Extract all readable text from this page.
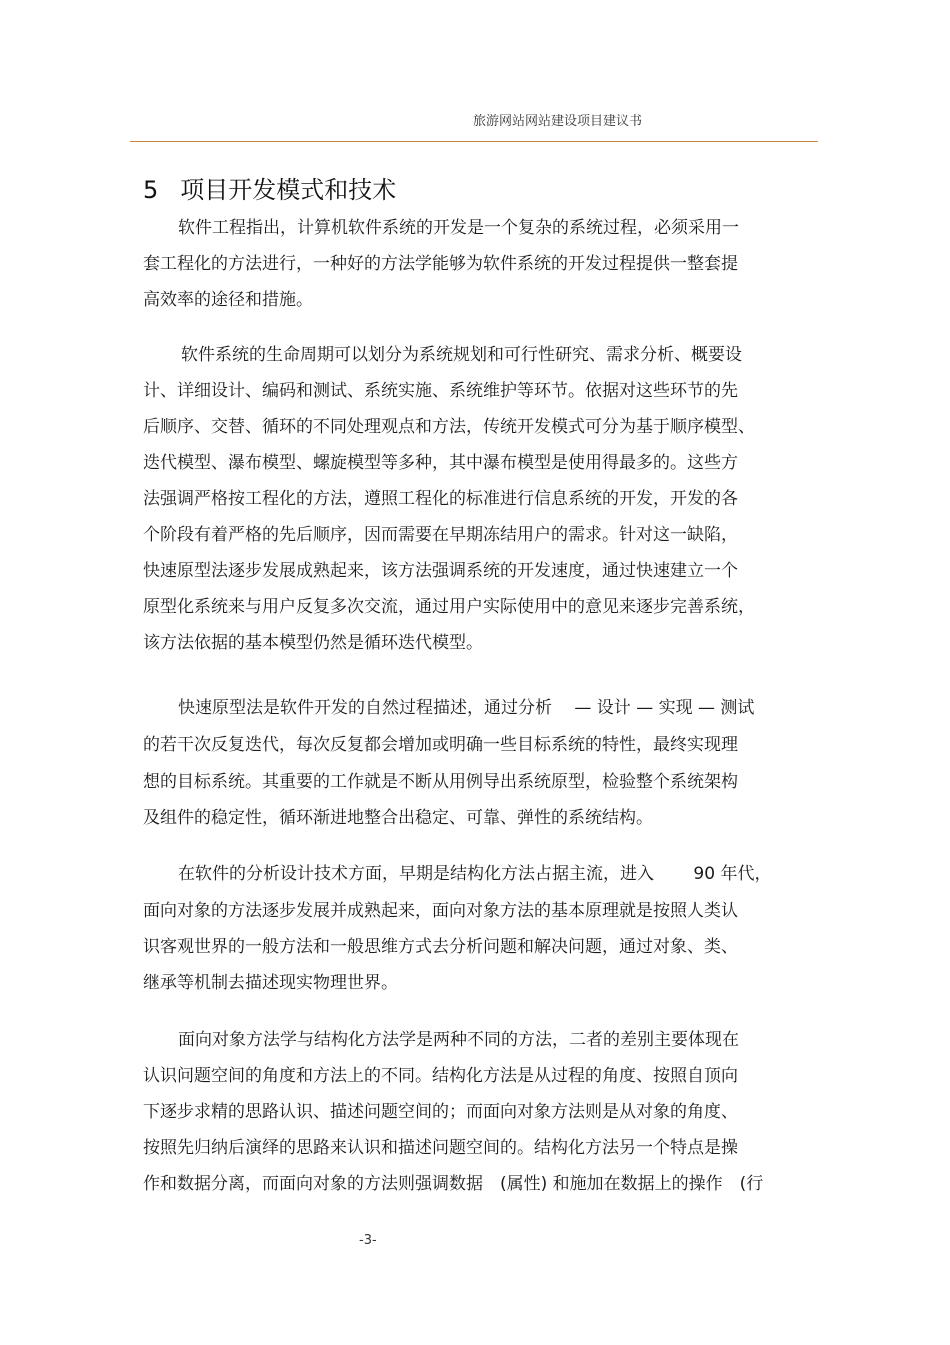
旅游网站网站建设项目建议书
5 项目开发模式和技术
软件工程指出，计算机软件系统的开发是一个复杂的系统过程，必须采用一
套工程化的方法进行，一种好的方法学能够为软件系统的开发过程提供一整套提
高效率的途径和措施。
软件系统的生命周期可以划分为系统规划和可行性研究、需求分析、概要设
计、详细设计、编码和测试、系统实施、系统维护等环节。依据对这些环节的先
后顺序、交替、循环的不同处理观点和方法，传统开发模式可分为基于顺序模型、
迭代模型、瀑布模型、螺旋模型等多种，其中瀑布模型是使用得最多的。这些方
法强调严格按工程化的方法，遵照工程化的标准进行信息系统的开发，开发的各
个阶段有着严格的先后顺序，因而需要在早期冻结用户的需求。针对这一缺陷，
快速原型法逐步发展成熟起来，该方法强调系统的开发速度，通过快速建立一个
原型化系统来与用户反复多次交流，通过用户实际使用中的意见来逐步完善系统，
该方法依据的基本模型仍然是循环迭代模型。
快速原型法是软件开发的自然过程描述，通过分析　 — 设计 — 实现 — 测试
的若干次反复迭代，每次反复都会增加或明确一些目标系统的特性，最终实现理
想的目标系统。其重要的工作就是不断从用例导出系统原型，检验整个系统架构
及组件的稳定性，循环渐进地整合出稳定、可靠、弹性的系统结构。
在软件的分析设计技术方面，早期是结构化方法占据主流，进入　　 90 年代，
面向对象的方法逐步发展并成熟起来，面向对象方法的基本原理就是按照人类认
识客观世界的一般方法和一般思维方式去分析问题和解决问题，通过对象、类、
继承等机制去描述现实物理世界。
面向对象方法学与结构化方法学是两种不同的方法，二者的差别主要体现在
认识问题空间的角度和方法上的不同。结构化方法是从过程的角度、按照自顶向
下逐步求精的思路认识、描述问题空间的；而面向对象方法则是从对象的角度、
按照先归纳后演绎的思路来认识和描述问题空间的。结构化方法另一个特点是操
作和数据分离，而面向对象的方法则强调数据　(属性) 和施加在数据上的操作　(行
-3-
